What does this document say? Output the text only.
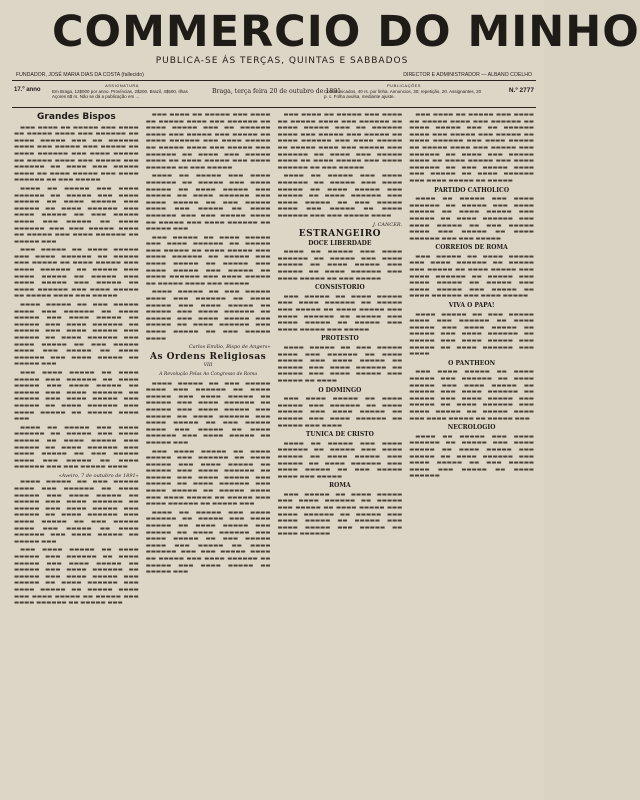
COMMERCIO DO MINHO
PUBLICA-SE ÁS TERÇAS, QUINTAS E SABBADOS
FUNDADOR, JOSÉ MARIA DIAS DA COSTA (fallecido)	DIRECTOR E ADMINISTRADOR — ALBANO COELHO
17.º anno
ASSIGNATURA
Em Braga, 12$000 por anno. Províncias, 2$200. Brazil, 4$500. Ilhas Açores 6$ rs. Não se dá a publicação em ...
Braga, terça feira 20 de outubro de 1891
PUBLICAÇÕES
Communicados, 40 rs. por linha. Annuncios, 30; repetição, 20. Assignantes, 20 p. c. Folha avulsa, mediante ajuste.
N.º 2777
Grandes Bispos

▬▬▬ ▬▬▬▬ ▬▬ ▬▬▬▬▬ ▬▬▬ ▬▬▬▬ ▬▬ ▬▬▬▬▬ ▬▬▬▬ ▬▬▬ ▬▬▬▬▬▬ ▬▬ ▬▬▬▬ ▬▬▬▬▬ ▬▬▬ ▬▬ ▬▬▬▬▬▬ ▬▬▬▬ ▬▬▬ ▬▬▬▬▬ ▬▬▬ ▬▬▬▬▬ ▬▬ ▬▬▬▬ ▬▬▬▬▬▬ ▬▬▬ ▬▬▬▬ ▬▬▬▬▬ ▬▬ ▬▬▬▬▬ ▬▬▬▬ ▬▬▬ ▬▬▬▬▬ ▬▬▬ ▬▬▬▬▬▬ ▬▬ ▬▬▬▬ ▬▬▬ ▬▬▬▬▬ ▬▬▬▬ ▬▬ ▬▬▬▬ ▬▬▬▬▬ ▬▬▬ ▬▬▬▬ ▬▬▬▬▬▬ ▬▬ ▬▬▬ ▬▬▬▬▬

▬▬▬▬ ▬▬ ▬▬▬▬▬ ▬▬▬ ▬▬▬▬ ▬▬▬▬▬▬ ▬▬ ▬▬▬▬▬ ▬▬▬ ▬▬▬▬ ▬▬▬▬▬ ▬▬ ▬▬▬▬ ▬▬▬▬▬ ▬▬▬ ▬▬▬▬▬ ▬▬ ▬▬▬▬ ▬▬▬▬▬▬ ▬▬▬ ▬▬▬▬ ▬▬▬▬▬ ▬▬ ▬▬▬ ▬▬▬▬▬ ▬▬▬▬ ▬▬▬ ▬▬▬▬▬ ▬▬ ▬▬▬▬ ▬▬▬▬▬▬ ▬▬▬ ▬▬▬ ▬▬▬▬▬ ▬▬▬▬ ▬▬ ▬▬▬▬▬ ▬▬▬ ▬▬▬▬ ▬▬▬▬▬▬ ▬▬ ▬▬▬▬▬ ▬▬▬

▬▬▬ ▬▬▬▬▬ ▬▬ ▬▬▬▬ ▬▬▬▬▬ ▬▬▬ ▬▬▬▬ ▬▬▬▬▬▬ ▬▬ ▬▬▬▬▬ ▬▬▬ ▬▬▬▬▬ ▬▬ ▬▬▬▬ ▬▬▬▬▬ ▬▬▬ ▬▬▬▬ ▬▬▬▬▬▬ ▬▬ ▬▬▬▬▬ ▬▬▬ ▬▬▬▬ ▬▬▬▬▬ ▬▬ ▬▬▬▬▬ ▬▬▬ ▬▬▬▬ ▬▬▬▬▬ ▬▬▬ ▬▬▬▬▬ ▬▬ ▬▬▬▬ ▬▬▬▬▬▬ ▬▬▬ ▬▬▬▬ ▬▬▬▬▬ ▬▬ ▬▬▬▬▬ ▬▬▬▬ ▬▬▬ ▬▬▬▬▬

▬▬▬▬ ▬▬▬▬▬ ▬▬ ▬▬▬ ▬▬▬▬▬ ▬▬▬▬ ▬▬▬ ▬▬▬▬▬▬ ▬▬ ▬▬▬▬ ▬▬▬▬▬ ▬▬▬ ▬▬▬▬ ▬▬▬▬▬ ▬▬ ▬▬▬▬▬ ▬▬▬ ▬▬▬▬ ▬▬▬▬▬▬ ▬▬ ▬▬▬▬▬ ▬▬▬ ▬▬▬▬ ▬▬▬▬▬ ▬▬▬ ▬▬▬▬▬ ▬▬ ▬▬▬▬ ▬▬▬▬▬▬ ▬▬▬ ▬▬▬▬ ▬▬▬▬▬ ▬▬ ▬▬▬ ▬▬▬▬▬ ▬▬▬▬ ▬▬▬ ▬▬▬▬▬ ▬▬ ▬▬▬▬ ▬▬▬▬▬▬ ▬▬▬ ▬▬▬▬ ▬▬▬▬▬ ▬▬ ▬▬▬▬▬ ▬▬▬

▬▬▬ ▬▬▬▬ ▬▬▬▬▬ ▬▬ ▬▬▬▬ ▬▬▬▬▬ ▬▬▬ ▬▬▬▬▬▬ ▬▬ ▬▬▬▬ ▬▬▬▬▬ ▬▬▬ ▬▬▬▬ ▬▬▬▬▬ ▬▬ ▬▬▬▬▬ ▬▬▬ ▬▬▬▬ ▬▬▬▬▬▬ ▬▬ ▬▬▬▬▬ ▬▬▬ ▬▬▬▬ ▬▬▬▬▬ ▬▬▬ ▬▬▬▬▬ ▬▬ ▬▬▬▬ ▬▬▬▬▬▬ ▬▬▬ ▬▬▬▬ ▬▬▬▬▬ ▬▬ ▬▬▬▬▬ ▬▬▬▬ ▬▬▬

▬▬▬▬ ▬▬ ▬▬▬▬▬ ▬▬▬ ▬▬▬▬ ▬▬▬▬▬▬ ▬▬ ▬▬▬▬▬ ▬▬▬ ▬▬▬▬ ▬▬▬▬▬ ▬▬ ▬▬▬▬ ▬▬▬▬▬ ▬▬▬ ▬▬▬▬▬ ▬▬ ▬▬▬▬ ▬▬▬▬▬▬ ▬▬▬ ▬▬▬▬ ▬▬▬▬▬ ▬▬ ▬▬▬ ▬▬▬▬▬ ▬▬▬▬ ▬▬▬ ▬▬▬▬▬ ▬▬ ▬▬▬▬ ▬▬▬▬▬▬ ▬▬▬ ▬▬▬ ▬▬▬▬▬ ▬▬▬▬

«Aveiro, 7 de outubro de 1891»

▬▬▬▬ ▬▬▬▬▬ ▬▬ ▬▬▬ ▬▬▬▬▬ ▬▬▬▬ ▬▬▬ ▬▬▬▬▬▬ ▬▬ ▬▬▬▬ ▬▬▬▬▬ ▬▬▬ ▬▬▬▬ ▬▬▬▬▬ ▬▬ ▬▬▬▬▬ ▬▬▬ ▬▬▬▬ ▬▬▬▬▬▬ ▬▬ ▬▬▬▬▬ ▬▬▬ ▬▬▬▬ ▬▬▬▬▬ ▬▬▬ ▬▬▬▬▬ ▬▬ ▬▬▬▬ ▬▬▬▬▬▬ ▬▬▬ ▬▬▬▬ ▬▬▬▬▬ ▬▬ ▬▬▬ ▬▬▬▬▬ ▬▬▬▬ ▬▬▬ ▬▬▬▬▬ ▬▬ ▬▬▬▬ ▬▬▬▬▬▬ ▬▬▬ ▬▬▬▬ ▬▬▬▬▬ ▬▬ ▬▬▬▬▬ ▬▬▬

▬▬▬ ▬▬▬▬ ▬▬▬▬▬ ▬▬ ▬▬▬▬ ▬▬▬▬▬ ▬▬▬ ▬▬▬▬▬▬ ▬▬ ▬▬▬▬ ▬▬▬▬▬ ▬▬▬ ▬▬▬▬ ▬▬▬▬▬ ▬▬ ▬▬▬▬▬ ▬▬▬ ▬▬▬▬ ▬▬▬▬▬▬ ▬▬ ▬▬▬▬▬ ▬▬▬ ▬▬▬▬ ▬▬▬▬▬ ▬▬▬ ▬▬▬▬▬ ▬▬ ▬▬▬▬ ▬▬▬▬▬▬ ▬▬▬ ▬▬▬▬ ▬▬▬▬▬ ▬▬ ▬▬▬▬▬ ▬▬▬▬ ▬▬▬ ▬▬▬▬ ▬▬▬▬▬ ▬▬ ▬▬▬▬▬ ▬▬▬ ▬▬▬▬ ▬▬▬▬▬▬ ▬▬ ▬▬▬▬▬ ▬▬▬

▬▬▬ ▬▬▬▬ ▬▬ ▬▬▬▬▬ ▬▬▬ ▬▬▬▬ ▬▬ ▬▬▬▬▬ ▬▬▬▬ ▬▬▬ ▬▬▬▬▬▬ ▬▬ ▬▬▬▬ ▬▬▬▬▬ ▬▬▬ ▬▬ ▬▬▬▬▬▬ ▬▬▬▬ ▬▬▬ ▬▬▬▬▬ ▬▬▬ ▬▬▬▬▬ ▬▬ ▬▬▬▬ ▬▬▬▬▬▬ ▬▬▬ ▬▬▬▬ ▬▬▬▬▬ ▬▬ ▬▬▬▬▬ ▬▬▬▬ ▬▬▬ ▬▬▬▬▬ ▬▬▬ ▬▬▬▬▬▬ ▬▬ ▬▬▬▬ ▬▬▬ ▬▬▬▬▬ ▬▬▬▬ ▬▬ ▬▬▬▬ ▬▬▬▬▬ ▬▬▬ ▬▬▬▬ ▬▬▬▬▬▬ ▬▬ ▬▬▬ ▬▬▬▬▬

▬▬▬▬ ▬▬ ▬▬▬▬▬ ▬▬▬ ▬▬▬▬ ▬▬▬▬▬▬ ▬▬ ▬▬▬▬▬ ▬▬▬ ▬▬▬▬ ▬▬▬▬▬ ▬▬ ▬▬▬▬ ▬▬▬▬▬ ▬▬▬ ▬▬▬▬▬ ▬▬ ▬▬▬▬ ▬▬▬▬▬▬ ▬▬▬ ▬▬▬▬ ▬▬▬▬▬ ▬▬ ▬▬▬ ▬▬▬▬▬ ▬▬▬▬ ▬▬▬ ▬▬▬▬▬ ▬▬ ▬▬▬▬ ▬▬▬▬▬▬ ▬▬▬ ▬▬▬ ▬▬▬▬▬ ▬▬▬▬ ▬▬ ▬▬▬▬▬ ▬▬▬ ▬▬▬▬ ▬▬▬▬▬▬ ▬▬ ▬▬▬▬▬ ▬▬▬

▬▬▬ ▬▬▬▬▬ ▬▬ ▬▬▬▬ ▬▬▬▬▬ ▬▬▬ ▬▬▬▬ ▬▬▬▬▬▬ ▬▬ ▬▬▬▬▬ ▬▬▬ ▬▬▬▬▬ ▬▬ ▬▬▬▬ ▬▬▬▬▬ ▬▬▬ ▬▬▬▬ ▬▬▬▬▬▬ ▬▬ ▬▬▬▬▬ ▬▬▬ ▬▬▬▬ ▬▬▬▬▬ ▬▬ ▬▬▬▬▬ ▬▬▬ ▬▬▬▬ ▬▬▬▬▬ ▬▬▬ ▬▬▬▬▬ ▬▬ ▬▬▬▬ ▬▬▬▬▬▬ ▬▬▬ ▬▬▬▬ ▬▬▬▬▬ ▬▬ ▬▬▬▬▬ ▬▬▬▬ ▬▬▬ ▬▬▬▬▬

▬▬▬▬ ▬▬▬▬▬ ▬▬ ▬▬▬ ▬▬▬▬▬ ▬▬▬▬ ▬▬▬ ▬▬▬▬▬▬ ▬▬ ▬▬▬▬ ▬▬▬▬▬ ▬▬▬ ▬▬▬▬ ▬▬▬▬▬ ▬▬ ▬▬▬▬▬ ▬▬▬ ▬▬▬▬ ▬▬▬▬▬▬ ▬▬ ▬▬▬▬▬ ▬▬▬ ▬▬▬▬ ▬▬▬▬▬ ▬▬▬ ▬▬▬▬▬ ▬▬ ▬▬▬▬ ▬▬▬▬▬▬ ▬▬▬ ▬▬▬▬ ▬▬▬▬▬ ▬▬ ▬▬▬ ▬▬▬▬▬ ▬▬▬▬

Carlos Emílio, Bispo de Angers»
As Ordens Religiosas
VIII
A Revolução Pelas Ao Congresso de Roma

▬▬▬▬ ▬▬▬▬▬ ▬▬ ▬▬▬ ▬▬▬▬▬ ▬▬▬▬ ▬▬▬ ▬▬▬▬▬▬ ▬▬ ▬▬▬▬ ▬▬▬▬▬ ▬▬▬ ▬▬▬▬ ▬▬▬▬▬ ▬▬ ▬▬▬▬▬ ▬▬▬ ▬▬▬▬ ▬▬▬▬▬▬ ▬▬ ▬▬▬▬▬ ▬▬▬ ▬▬▬▬ ▬▬▬▬▬ ▬▬▬ ▬▬▬▬▬ ▬▬ ▬▬▬▬ ▬▬▬▬▬▬ ▬▬▬ ▬▬▬▬ ▬▬▬▬▬ ▬▬ ▬▬▬ ▬▬▬▬▬ ▬▬▬▬ ▬▬▬ ▬▬▬▬▬ ▬▬ ▬▬▬▬ ▬▬▬▬▬▬ ▬▬▬ ▬▬▬▬ ▬▬▬▬▬ ▬▬ ▬▬▬▬▬ ▬▬▬

▬▬▬ ▬▬▬▬ ▬▬▬▬▬ ▬▬ ▬▬▬▬ ▬▬▬▬▬ ▬▬▬ ▬▬▬▬▬▬ ▬▬ ▬▬▬▬ ▬▬▬▬▬ ▬▬▬ ▬▬▬▬ ▬▬▬▬▬ ▬▬ ▬▬▬▬▬ ▬▬▬ ▬▬▬▬ ▬▬▬▬▬▬ ▬▬ ▬▬▬▬▬ ▬▬▬ ▬▬▬▬ ▬▬▬▬▬ ▬▬▬ ▬▬▬▬▬ ▬▬ ▬▬▬▬ ▬▬▬▬▬▬ ▬▬▬ ▬▬▬▬ ▬▬▬▬▬ ▬▬ ▬▬▬▬▬ ▬▬▬▬ ▬▬▬ ▬▬▬▬ ▬▬▬▬▬ ▬▬ ▬▬▬▬▬ ▬▬▬ ▬▬▬▬ ▬▬▬▬▬▬ ▬▬ ▬▬▬▬▬ ▬▬▬

▬▬▬▬ ▬▬ ▬▬▬▬▬ ▬▬▬ ▬▬▬▬ ▬▬▬▬▬▬ ▬▬ ▬▬▬▬▬ ▬▬▬ ▬▬▬▬ ▬▬▬▬▬ ▬▬ ▬▬▬▬ ▬▬▬▬▬ ▬▬▬ ▬▬▬▬▬ ▬▬ ▬▬▬▬ ▬▬▬▬▬▬ ▬▬▬ ▬▬▬▬ ▬▬▬▬▬ ▬▬ ▬▬▬ ▬▬▬▬▬ ▬▬▬▬ ▬▬▬ ▬▬▬▬▬ ▬▬ ▬▬▬▬ ▬▬▬▬▬▬ ▬▬▬ ▬▬▬ ▬▬▬▬▬ ▬▬▬▬ ▬▬ ▬▬▬▬▬ ▬▬▬ ▬▬▬▬ ▬▬▬▬▬▬ ▬▬ ▬▬▬▬▬ ▬▬▬ ▬▬▬▬ ▬▬▬▬▬ ▬▬ ▬▬▬▬▬ ▬▬▬

▬▬▬ ▬▬▬▬ ▬▬ ▬▬▬▬▬ ▬▬▬ ▬▬▬▬ ▬▬ ▬▬▬▬▬ ▬▬▬▬ ▬▬▬ ▬▬▬▬▬▬ ▬▬ ▬▬▬▬ ▬▬▬▬▬ ▬▬▬ ▬▬ ▬▬▬▬▬▬ ▬▬▬▬ ▬▬▬ ▬▬▬▬▬ ▬▬▬ ▬▬▬▬▬ ▬▬ ▬▬▬▬ ▬▬▬▬▬▬ ▬▬▬ ▬▬▬▬ ▬▬▬▬▬ ▬▬ ▬▬▬▬▬ ▬▬▬▬ ▬▬▬ ▬▬▬▬▬ ▬▬▬ ▬▬▬▬▬▬ ▬▬ ▬▬▬▬ ▬▬▬ ▬▬▬▬▬ ▬▬▬▬ ▬▬ ▬▬▬▬ ▬▬▬▬▬ ▬▬▬ ▬▬▬▬ ▬▬▬▬▬▬ ▬▬ ▬▬▬ ▬▬▬▬▬

▬▬▬▬ ▬▬ ▬▬▬▬▬ ▬▬▬ ▬▬▬▬ ▬▬▬▬▬▬ ▬▬ ▬▬▬▬▬ ▬▬▬ ▬▬▬▬ ▬▬▬▬▬ ▬▬ ▬▬▬▬ ▬▬▬▬▬ ▬▬▬ ▬▬▬▬▬ ▬▬ ▬▬▬▬ ▬▬▬▬▬▬ ▬▬▬ ▬▬▬▬ ▬▬▬▬▬ ▬▬ ▬▬▬ ▬▬▬▬▬ ▬▬▬▬ ▬▬▬ ▬▬▬▬▬ ▬▬ ▬▬▬▬ ▬▬▬▬▬▬ ▬▬▬ ▬▬▬ ▬▬▬▬▬ ▬▬▬▬

J. CANCER.
ESTRANGEIRO
DOCE LIBERDADE

▬▬▬▬ ▬▬ ▬▬▬▬▬ ▬▬▬ ▬▬▬▬ ▬▬▬▬▬▬ ▬▬ ▬▬▬▬▬ ▬▬▬ ▬▬▬▬ ▬▬▬▬▬ ▬▬ ▬▬▬▬ ▬▬▬▬▬ ▬▬▬ ▬▬▬▬▬ ▬▬ ▬▬▬▬ ▬▬▬▬▬▬ ▬▬▬ ▬▬▬▬ ▬▬▬▬▬ ▬▬ ▬▬▬ ▬▬▬▬▬

CONSISTORIO

▬▬▬ ▬▬▬▬▬ ▬▬ ▬▬▬▬ ▬▬▬▬▬ ▬▬▬ ▬▬▬▬ ▬▬▬▬▬▬ ▬▬ ▬▬▬▬▬ ▬▬▬ ▬▬▬▬▬ ▬▬ ▬▬▬▬ ▬▬▬▬▬ ▬▬▬ ▬▬▬▬ ▬▬▬▬▬▬ ▬▬ ▬▬▬▬▬ ▬▬▬ ▬▬▬▬ ▬▬▬▬▬ ▬▬ ▬▬▬▬▬ ▬▬▬ ▬▬▬▬ ▬▬▬▬▬ ▬▬▬ ▬▬▬▬▬

PROTESTO

▬▬▬▬ ▬▬▬▬▬ ▬▬ ▬▬▬ ▬▬▬▬▬ ▬▬▬▬ ▬▬▬ ▬▬▬▬▬▬ ▬▬ ▬▬▬▬ ▬▬▬▬▬ ▬▬▬ ▬▬▬▬ ▬▬▬▬▬ ▬▬ ▬▬▬▬▬ ▬▬▬ ▬▬▬▬ ▬▬▬▬▬▬ ▬▬ ▬▬▬▬▬ ▬▬▬ ▬▬▬▬ ▬▬▬▬▬ ▬▬▬ ▬▬▬▬▬ ▬▬ ▬▬▬▬

O DOMINGO

▬▬▬ ▬▬▬▬ ▬▬▬▬▬ ▬▬ ▬▬▬▬ ▬▬▬▬▬ ▬▬▬ ▬▬▬▬▬▬ ▬▬ ▬▬▬▬ ▬▬▬▬▬ ▬▬▬ ▬▬▬▬ ▬▬▬▬▬ ▬▬ ▬▬▬▬▬ ▬▬▬ ▬▬▬▬ ▬▬▬▬▬▬ ▬▬ ▬▬▬▬▬ ▬▬▬ ▬▬▬▬

TUNICA DE CRISTO

▬▬▬▬ ▬▬ ▬▬▬▬▬ ▬▬▬ ▬▬▬▬ ▬▬▬▬▬▬ ▬▬ ▬▬▬▬▬ ▬▬▬ ▬▬▬▬ ▬▬▬▬▬ ▬▬ ▬▬▬▬ ▬▬▬▬▬ ▬▬▬ ▬▬▬▬▬ ▬▬ ▬▬▬▬ ▬▬▬▬▬▬ ▬▬▬ ▬▬▬▬ ▬▬▬▬▬ ▬▬ ▬▬▬ ▬▬▬▬▬ ▬▬▬▬ ▬▬▬ ▬▬▬▬▬

ROMA

▬▬▬ ▬▬▬▬▬ ▬▬ ▬▬▬▬ ▬▬▬▬▬ ▬▬▬ ▬▬▬▬ ▬▬▬▬▬▬ ▬▬ ▬▬▬▬▬ ▬▬▬ ▬▬▬▬▬ ▬▬ ▬▬▬▬ ▬▬▬▬▬ ▬▬▬ ▬▬▬▬ ▬▬▬▬▬▬ ▬▬ ▬▬▬▬▬ ▬▬▬ ▬▬▬▬ ▬▬▬▬▬ ▬▬ ▬▬▬▬▬ ▬▬▬ ▬▬▬▬ ▬▬▬▬▬ ▬▬▬ ▬▬▬▬▬ ▬▬ ▬▬▬▬ ▬▬▬▬▬▬

▬▬▬ ▬▬▬▬ ▬▬ ▬▬▬▬▬ ▬▬▬ ▬▬▬▬ ▬▬ ▬▬▬▬▬ ▬▬▬▬ ▬▬▬ ▬▬▬▬▬▬ ▬▬ ▬▬▬▬ ▬▬▬▬▬ ▬▬▬ ▬▬ ▬▬▬▬▬▬ ▬▬▬▬ ▬▬▬ ▬▬▬▬▬ ▬▬▬ ▬▬▬▬▬ ▬▬ ▬▬▬▬ ▬▬▬▬▬▬ ▬▬▬ ▬▬▬▬ ▬▬▬▬▬ ▬▬ ▬▬▬▬▬ ▬▬▬▬ ▬▬▬ ▬▬▬▬▬ ▬▬▬ ▬▬▬▬▬▬ ▬▬ ▬▬▬▬ ▬▬▬ ▬▬▬▬▬ ▬▬▬▬ ▬▬ ▬▬▬▬ ▬▬▬▬▬ ▬▬▬ ▬▬▬▬ ▬▬▬▬▬▬ ▬▬ ▬▬▬ ▬▬▬▬▬ ▬▬▬▬ ▬▬▬ ▬▬▬▬▬ ▬▬ ▬▬▬▬ ▬▬▬▬▬▬ ▬▬▬ ▬▬▬▬ ▬▬▬▬▬ ▬▬ ▬▬▬▬▬

PARTIDO CATHOLICO

▬▬▬▬ ▬▬ ▬▬▬▬▬ ▬▬▬ ▬▬▬▬ ▬▬▬▬▬▬ ▬▬ ▬▬▬▬▬ ▬▬▬ ▬▬▬▬ ▬▬▬▬▬ ▬▬ ▬▬▬▬ ▬▬▬▬▬ ▬▬▬ ▬▬▬▬▬ ▬▬ ▬▬▬▬ ▬▬▬▬▬▬ ▬▬▬ ▬▬▬▬ ▬▬▬▬▬ ▬▬ ▬▬▬ ▬▬▬▬▬ ▬▬▬▬ ▬▬▬ ▬▬▬▬▬ ▬▬ ▬▬▬▬ ▬▬▬▬▬▬ ▬▬▬ ▬▬▬ ▬▬▬▬▬

CORREIOS DE ROMA

▬▬▬ ▬▬▬▬▬ ▬▬ ▬▬▬▬ ▬▬▬▬▬ ▬▬▬ ▬▬▬▬ ▬▬▬▬▬▬ ▬▬ ▬▬▬▬▬ ▬▬▬ ▬▬▬▬▬ ▬▬ ▬▬▬▬ ▬▬▬▬▬ ▬▬▬ ▬▬▬▬ ▬▬▬▬▬▬ ▬▬ ▬▬▬▬▬ ▬▬▬ ▬▬▬▬ ▬▬▬▬▬ ▬▬ ▬▬▬▬▬ ▬▬▬ ▬▬▬▬ ▬▬▬▬▬ ▬▬▬ ▬▬▬▬▬ ▬▬ ▬▬▬▬ ▬▬▬▬▬▬ ▬▬▬ ▬▬▬▬ ▬▬▬▬▬

VIVA O PAPA!

▬▬▬▬ ▬▬▬▬▬ ▬▬ ▬▬▬ ▬▬▬▬▬ ▬▬▬▬ ▬▬▬ ▬▬▬▬▬▬ ▬▬ ▬▬▬▬ ▬▬▬▬▬ ▬▬▬ ▬▬▬▬ ▬▬▬▬▬ ▬▬ ▬▬▬▬▬ ▬▬▬ ▬▬▬▬ ▬▬▬▬▬▬ ▬▬ ▬▬▬▬▬ ▬▬▬ ▬▬▬▬ ▬▬▬▬▬ ▬▬▬ ▬▬▬▬▬ ▬▬ ▬▬▬▬ ▬▬▬▬▬▬ ▬▬▬ ▬▬▬▬

O PANTHEON

▬▬▬ ▬▬▬▬ ▬▬▬▬▬ ▬▬ ▬▬▬▬ ▬▬▬▬▬ ▬▬▬ ▬▬▬▬▬▬ ▬▬ ▬▬▬▬ ▬▬▬▬▬ ▬▬▬ ▬▬▬▬ ▬▬▬▬▬ ▬▬ ▬▬▬▬▬ ▬▬▬ ▬▬▬▬ ▬▬▬▬▬▬ ▬▬ ▬▬▬▬▬ ▬▬▬ ▬▬▬▬ ▬▬▬▬▬ ▬▬▬ ▬▬▬▬▬ ▬▬ ▬▬▬▬ ▬▬▬▬▬▬ ▬▬▬ ▬▬▬▬ ▬▬▬▬▬ ▬▬ ▬▬▬▬▬ ▬▬▬▬ ▬▬▬ ▬▬▬▬ ▬▬▬▬▬ ▬▬ ▬▬▬▬▬ ▬▬▬

NECROLOGIO

▬▬▬▬ ▬▬ ▬▬▬▬▬ ▬▬▬ ▬▬▬▬ ▬▬▬▬▬▬ ▬▬ ▬▬▬▬▬ ▬▬▬ ▬▬▬▬ ▬▬▬▬▬ ▬▬ ▬▬▬▬ ▬▬▬▬▬ ▬▬▬ ▬▬▬▬▬ ▬▬ ▬▬▬▬ ▬▬▬▬▬▬ ▬▬▬ ▬▬▬▬ ▬▬▬▬▬ ▬▬ ▬▬▬ ▬▬▬▬▬ ▬▬▬▬ ▬▬▬ ▬▬▬▬▬ ▬▬ ▬▬▬▬ ▬▬▬▬▬▬
